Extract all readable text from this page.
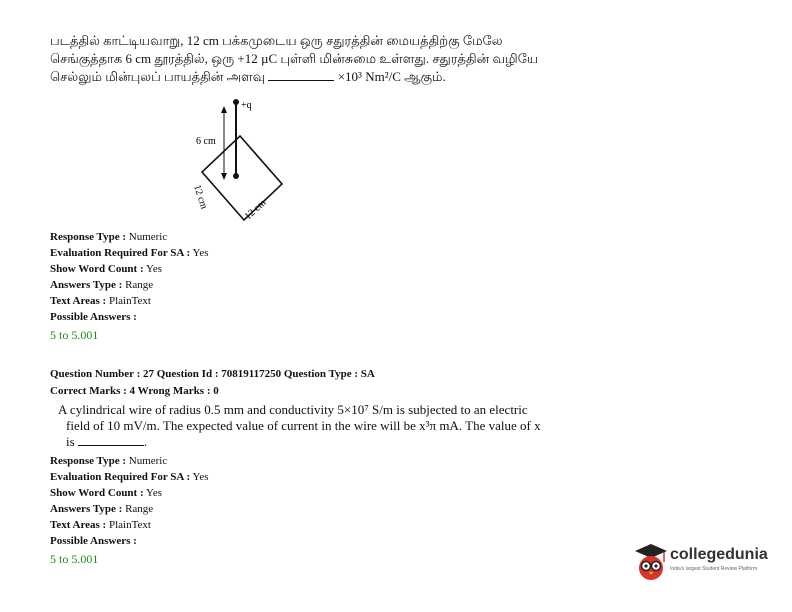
படத்தில் காட்டியவாறு, 12 cm பக்கமுடைய ஒரு சதுரத்தின் மையத்திற்கு மேலே
செங்குத்தாக 6 cm தூரத்தில், ஒரு +12 µC புள்ளி மின்சுமை உள்ளது. சதுரத்தின் வழியே
செல்லும் மின்புலப் பாயத்தின் அளவு	×10³ Nm²/C ஆகும்.
+q
6 cm
12 cm	12 cm
Response Type : Numeric
Evaluation Required For SA : Yes
Show Word Count : Yes
Answers Type : Range
Text Areas : PlainText
Possible Answers :
5 to 5.001
Question Number : 27 Question Id : 70819117250 Question Type : SA
Correct Marks : 4 Wrong Marks : 0
A cylindrical wire of radius 0.5 mm and conductivity 5×10⁷ S/m is subjected to an electric
field of 10 mV/m. The expected value of current in the wire will be x³π mA. The value of x
is	.
Response Type : Numeric
Evaluation Required For SA : Yes
Show Word Count : Yes
Answers Type : Range
Text Areas : PlainText
Possible Answers :
5 to 5.001	collegedunia
India's largest Student Review Platform
